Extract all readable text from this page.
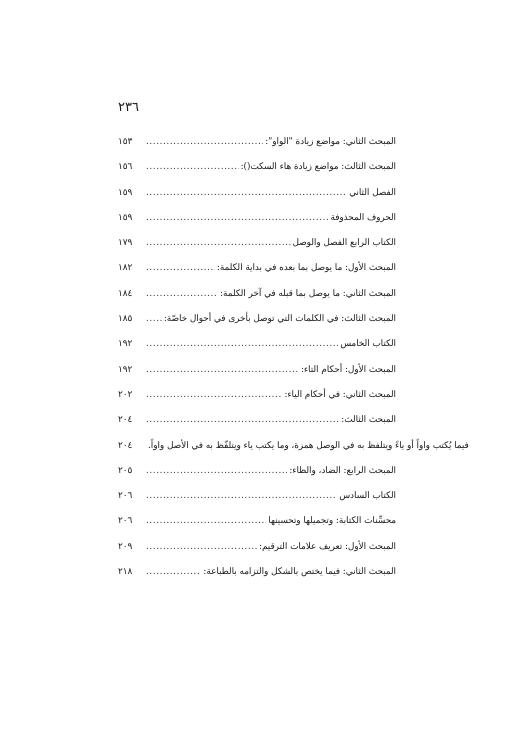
٢٣٦
١٥٣ .....	المبحث الثاني: مواضع زيادة "الواو":
١٥٦ .....	المبحث الثالث: مواضع زيادة هاء السكت():
١٥٩ .....	الفصل الثاني
١٥٩ .....	الحروف المحذوفة
١٧٩ .....	الكتاب الرابع الفصل والوصل
١٨٢ .....	المبحث الأول: ما يوصل بما بعده في بداية الكلمة:
١٨٤ .....	المبحث الثاني: ما يوصل بما قبله في آخر الكلمة:
١٨٥ .....	المبحث الثالث: في الكلمات التي توصل بأخرى في أحوال خاصّة:
١٩٢ .....	الكتاب الخامس
١٩٢ .....	المبحث الأول: أحكام التاء:
٢٠٢ .....	المبحث الثاني: في أحكام الياء:
٢٠٤ .....	المبحث الثالث:
٢٠٤	فيما يُكتب واواً أو ياءً ويتلفظ به في الوصل همزة، وما يكتب ياء ويتلفّظ به في الأصل واواً.
٢٠٥ .....	المبحث الرابع: الضاد، والظاء:
٢٠٦ .....	الكتاب السادس
٢٠٦ .....	محسِّنات الكتابة: وتجميلها وتحسينها
٢٠٩ .....	المبحث الأول: تعريف علامات الترقيم:
٢١٨ .....	المبحث الثاني: فيما يختص بالشكل والتزامه بالطباعة:
